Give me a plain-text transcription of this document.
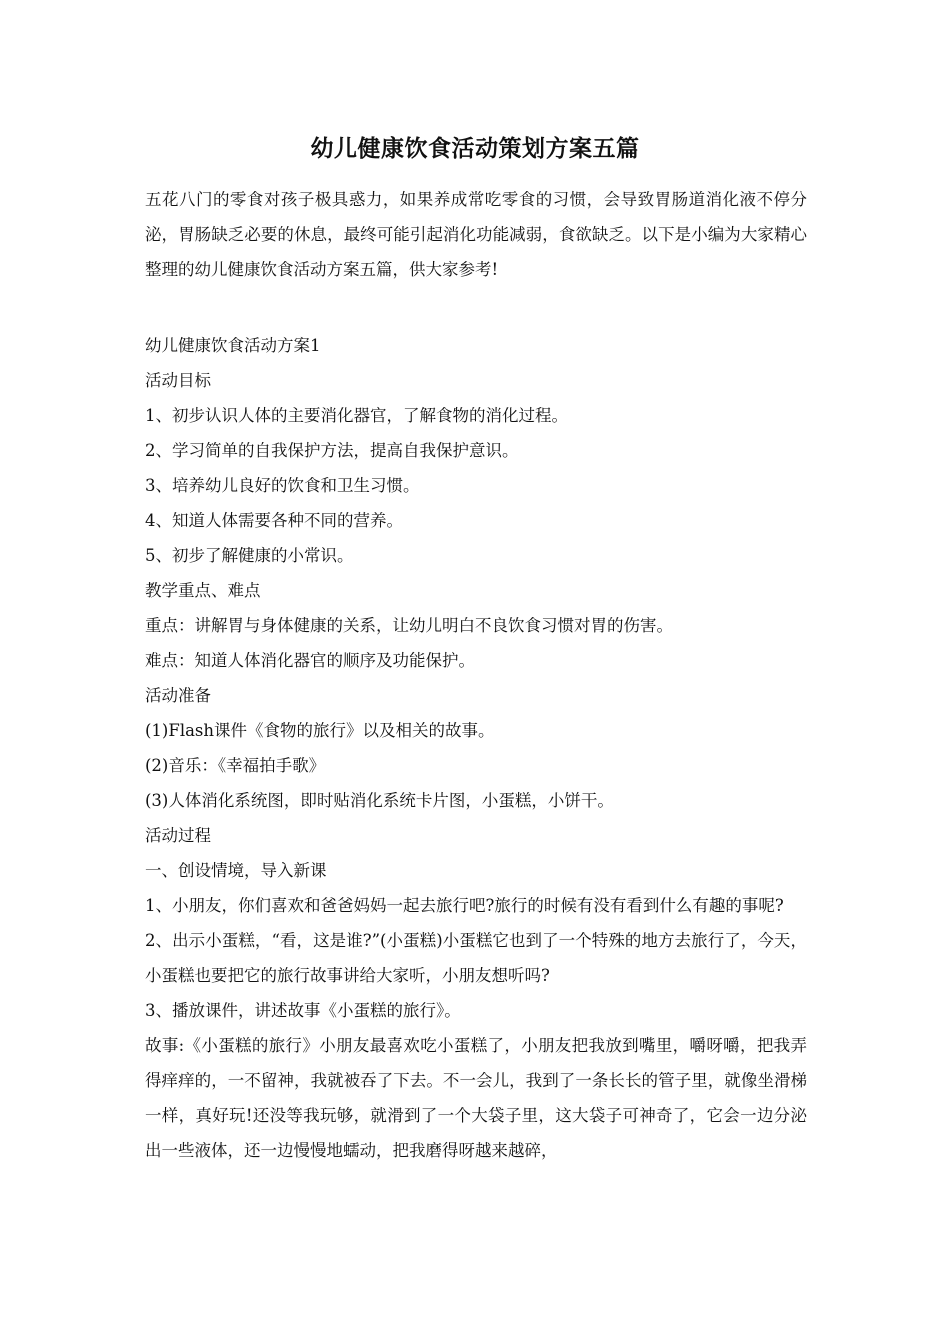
幼儿健康饮食活动策划方案五篇

五花八门的零食对孩子极具惑力，如果养成常吃零食的习惯，会导致胃肠道消化液不停分泌，胃肠缺乏必要的休息，最终可能引起消化功能减弱，食欲缺乏。以下是小编为大家精心整理的幼儿健康饮食活动方案五篇，供大家参考!

幼儿健康饮食活动方案1

活动目标

1、初步认识人体的主要消化器官，了解食物的消化过程。

2、学习简单的自我保护方法，提高自我保护意识。

3、培养幼儿良好的饮食和卫生习惯。

4、知道人体需要各种不同的营养。

5、初步了解健康的小常识。

教学重点、难点

重点：讲解胃与身体健康的关系，让幼儿明白不良饮食习惯对胃的伤害。

难点：知道人体消化器官的顺序及功能保护。

活动准备

(1)Flash课件《食物的旅行》以及相关的故事。

(2)音乐：《幸福拍手歌》

(3)人体消化系统图，即时贴消化系统卡片图，小蛋糕，小饼干。

活动过程

一、创设情境，导入新课

1、小朋友，你们喜欢和爸爸妈妈一起去旅行吧?旅行的时候有没有看到什么有趣的事呢?

2、出示小蛋糕，“看，这是谁?”(小蛋糕)小蛋糕它也到了一个特殊的地方去旅行了，今天，小蛋糕也要把它的旅行故事讲给大家听，小朋友想听吗?

3、播放课件，讲述故事《小蛋糕的旅行》。

故事:《小蛋糕的旅行》小朋友最喜欢吃小蛋糕了，小朋友把我放到嘴里，嚼呀嚼，把我弄得痒痒的，一不留神，我就被吞了下去。不一会儿，我到了一条长长的管子里，就像坐滑梯一样，真好玩!还没等我玩够，就滑到了一个大袋子里，这大袋子可神奇了，它会一边分泌出一些液体，还一边慢慢地蠕动，把我磨得呀越来越碎，
